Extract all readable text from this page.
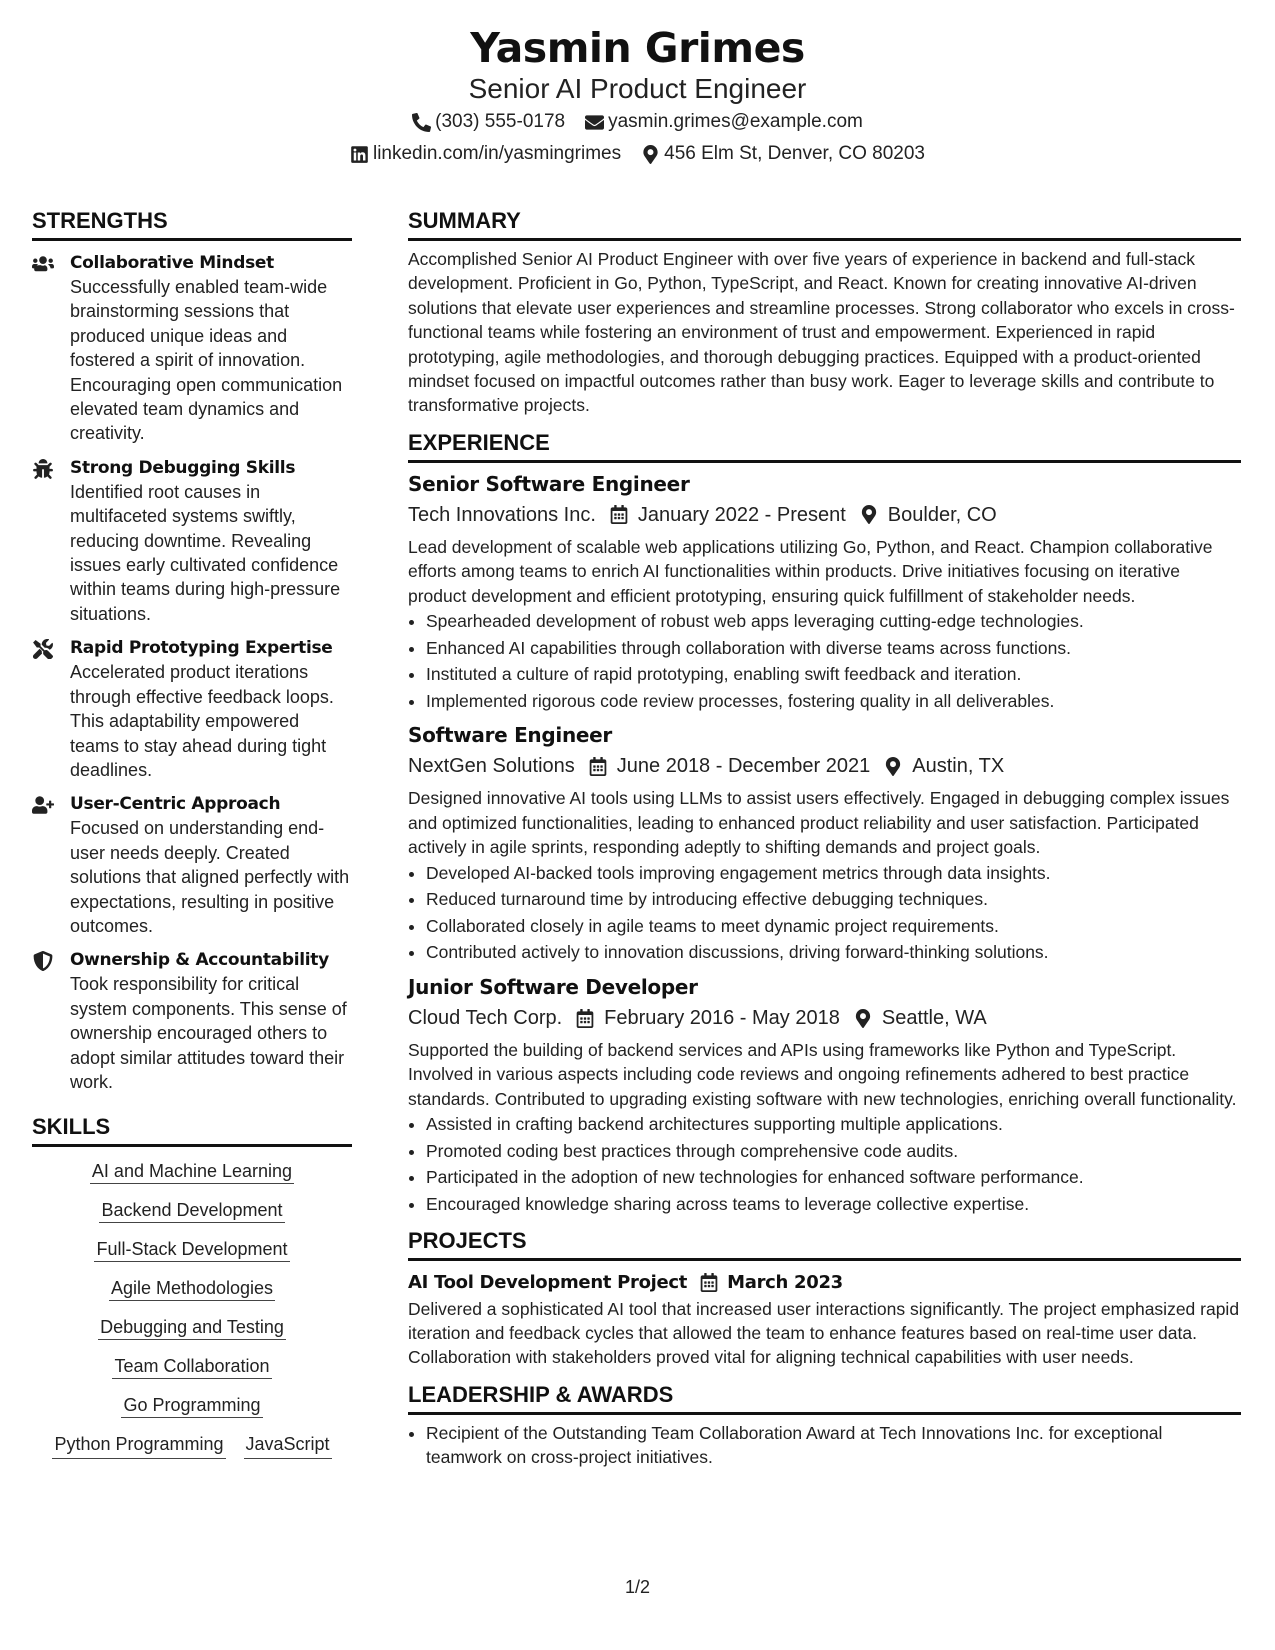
Yasmin Grimes
Senior AI Product Engineer
(303) 555-0178 yasmin.grimes@example.com
linkedin.com/in/yasmingrimes 456 Elm St, Denver, CO 80203
STRENGTHS
Collaborative Mindset
Successfully enabled team-wide brainstorming sessions that produced unique ideas and fostered a spirit of innovation. Encouraging open communication elevated team dynamics and creativity.
Strong Debugging Skills
Identified root causes in multifaceted systems swiftly, reducing downtime. Revealing issues early cultivated confidence within teams during high-pressure situations.
Rapid Prototyping Expertise
Accelerated product iterations through effective feedback loops. This adaptability empowered teams to stay ahead during tight deadlines.
User-Centric Approach
Focused on understanding end-user needs deeply. Created solutions that aligned perfectly with expectations, resulting in positive outcomes.
Ownership & Accountability
Took responsibility for critical system components. This sense of ownership encouraged others to adopt similar attitudes toward their work.
SKILLS
AI and Machine Learning
Backend Development
Full-Stack Development
Agile Methodologies
Debugging and Testing
Team Collaboration
Go Programming
Python Programming JavaScript
SUMMARY
Accomplished Senior AI Product Engineer with over five years of experience in backend and full-stack development. Proficient in Go, Python, TypeScript, and React. Known for creating innovative AI-driven solutions that elevate user experiences and streamline processes. Strong collaborator who excels in cross-functional teams while fostering an environment of trust and empowerment. Experienced in rapid prototyping, agile methodologies, and thorough debugging practices. Equipped with a product-oriented mindset focused on impactful outcomes rather than busy work. Eager to leverage skills and contribute to transformative projects.
EXPERIENCE
Senior Software Engineer
Tech Innovations Inc. January 2022 - Present Boulder, CO
Lead development of scalable web applications utilizing Go, Python, and React. Champion collaborative efforts among teams to enrich AI functionalities within products. Drive initiatives focusing on iterative product development and efficient prototyping, ensuring quick fulfillment of stakeholder needs.
• Spearheaded development of robust web apps leveraging cutting-edge technologies.
• Enhanced AI capabilities through collaboration with diverse teams across functions.
• Instituted a culture of rapid prototyping, enabling swift feedback and iteration.
• Implemented rigorous code review processes, fostering quality in all deliverables.
Software Engineer
NextGen Solutions June 2018 - December 2021 Austin, TX
Designed innovative AI tools using LLMs to assist users effectively. Engaged in debugging complex issues and optimized functionalities, leading to enhanced product reliability and user satisfaction. Participated actively in agile sprints, responding adeptly to shifting demands and project goals.
• Developed AI-backed tools improving engagement metrics through data insights.
• Reduced turnaround time by introducing effective debugging techniques.
• Collaborated closely in agile teams to meet dynamic project requirements.
• Contributed actively to innovation discussions, driving forward-thinking solutions.
Junior Software Developer
Cloud Tech Corp. February 2016 - May 2018 Seattle, WA
Supported the building of backend services and APIs using frameworks like Python and TypeScript. Involved in various aspects including code reviews and ongoing refinements adhered to best practice standards. Contributed to upgrading existing software with new technologies, enriching overall functionality.
• Assisted in crafting backend architectures supporting multiple applications.
• Promoted coding best practices through comprehensive code audits.
• Participated in the adoption of new technologies for enhanced software performance.
• Encouraged knowledge sharing across teams to leverage collective expertise.
PROJECTS
AI Tool Development Project March 2023
Delivered a sophisticated AI tool that increased user interactions significantly. The project emphasized rapid iteration and feedback cycles that allowed the team to enhance features based on real-time user data. Collaboration with stakeholders proved vital for aligning technical capabilities with user needs.
LEADERSHIP & AWARDS
• Recipient of the Outstanding Team Collaboration Award at Tech Innovations Inc. for exceptional teamwork on cross-project initiatives.
1/2
